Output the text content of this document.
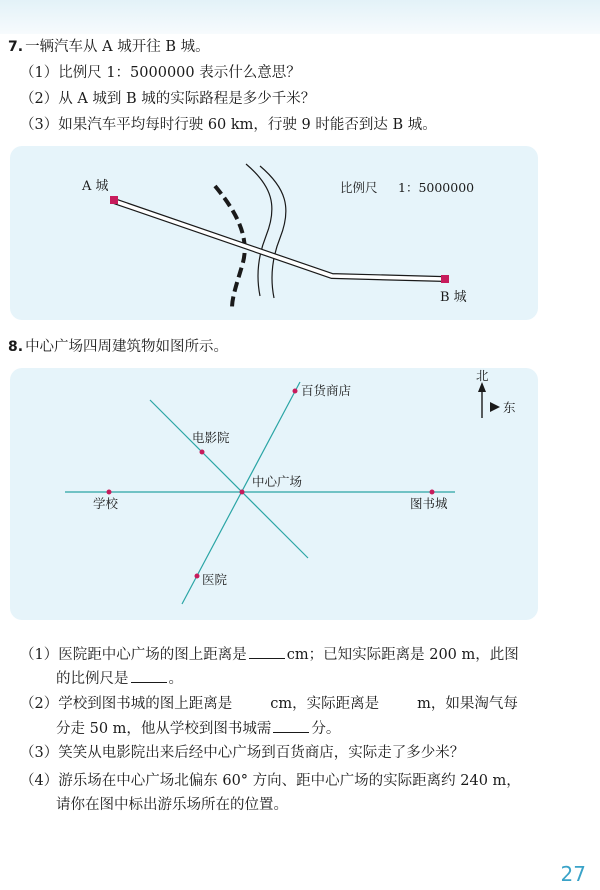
7. 一辆汽车从 A 城开往 B 城。
（1）比例尺 1：5000000 表示什么意思？
（2）从 A 城到 B 城的实际路程是多少千米？
（3）如果汽车平均每时行驶 60 km，行驶 9 时能否到达 B 城。
A 城
B 城
比例尺 1：5000000
8. 中心广场四周建筑物如图所示。
百货商店
电影院
中心广场
学校	图书城
医院
北
东
（1）医院距中心广场的图上距离是	cm；已知实际距离是 200 m，此图
的比例尺是	。
（2）学校到图书城的图上距离是	cm，实际距离是	m，如果淘气每
分走 50 m，他从学校到图书城需	分。
（3）笑笑从电影院出来后经中心广场到百货商店，实际走了多少米？
（4）游乐场在中心广场北偏东 60° 方向、距中心广场的实际距离约 240 m，
请你在图中标出游乐场所在的位置。
27
